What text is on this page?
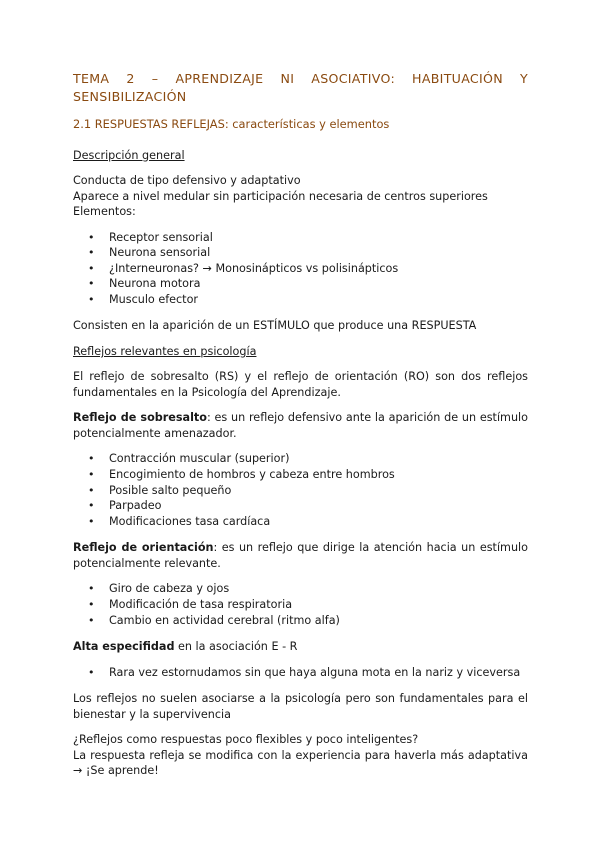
TEMA 2 – APRENDIZAJE NI ASOCIATIVO: HABITUACIÓN Y SENSIBILIZACIÓN
2.1 RESPUESTAS REFLEJAS: características y elementos
Descripción general

Conducta de tipo defensivo y adaptativo

Aparece a nivel medular sin participación necesaria de centros superiores

Elementos:

• Receptor sensorial
• Neurona sensorial
• ¿Interneuronas? → Monosinápticos vs polisinápticos
• Neurona motora
• Musculo efector

Consisten en la aparición de un ESTÍMULO que produce una RESPUESTA

Reflejos relevantes en psicología

El reflejo de sobresalto (RS) y el reflejo de orientación (RO) son dos reflejos fundamentales en la Psicología del Aprendizaje.

Reflejo de sobresalto: es un reflejo defensivo ante la aparición de un estímulo potencialmente amenazador.

• Contracción muscular (superior)
• Encogimiento de hombros y cabeza entre hombros
• Posible salto pequeño
• Parpadeo
• Modificaciones tasa cardíaca

Reflejo de orientación: es un reflejo que dirige la atención hacia un estímulo potencialmente relevante.

• Giro de cabeza y ojos
• Modificación de tasa respiratoria
• Cambio en actividad cerebral (ritmo alfa)

Alta especifidad en la asociación E - R

• Rara vez estornudamos sin que haya alguna mota en la nariz y viceversa

Los reflejos no suelen asociarse a la psicología pero son fundamentales para el bienestar y la supervivencia

¿Reflejos como respuestas poco flexibles y poco inteligentes?

La respuesta refleja se modifica con la experiencia para haverla más adaptativa → ¡Se aprende!
